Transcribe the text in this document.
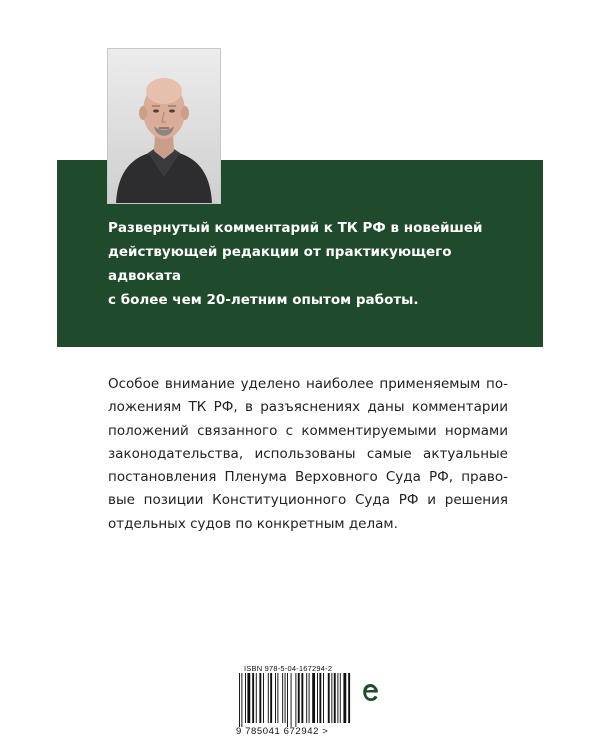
Развернутый комментарий к ТК РФ в новейшей
действующей редакции от практикующего адвоката
с более чем 20-летним опытом работы.

Особое внимание уделено наиболее применяемым по-
ложениям ТК РФ, в разъяснениях даны комментарии
положений связанного с комментируемыми нормами
законодательства, использованы самые актуальные
постановления Пленума Верховного Суда РФ, право-
вые позиции Конституционного Суда РФ и решения
отдельных судов по конкретным делам.

ISBN 978-5-04-167294-2
9 785041 672942 >
